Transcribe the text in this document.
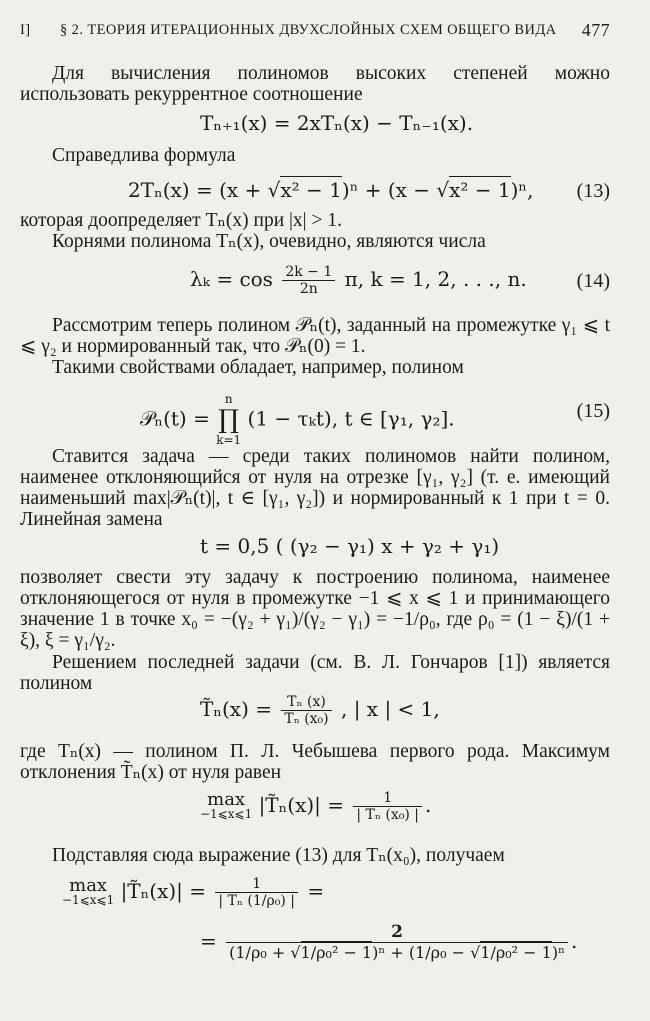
I] § 2. ТЕОРИЯ ИТЕРАЦИОННЫХ ДВУХСЛОЙНЫХ СХЕМ ОБЩЕГО ВИДА 477
Для вычисления полиномов высоких степеней можно использовать рекуррентное соотношение
Tₙ₊₁(x) = 2xTₙ(x) − Tₙ₋₁(x).
Справедлива формула
2Tₙ(x) = (x + √x² − 1)ⁿ + (x − √x² − 1)ⁿ, (13)
которая доопределяет Tₙ(x) при |x| > 1.
Корнями полинома Tₙ(x), очевидно, являются числа
$\lambda_k = \cos \frac{2k - 1}{2n} \pi$, k = 1, 2, . . ., n. (14)
Рассмотрим теперь полином 𝒫ₙ(t), заданный на промежутке γ₁ ⩽ t ⩽ γ₂ и нормированный так, что 𝒫ₙ(0) = 1.
Такими свойствами обладает, например, полином
𝒫ₙ(t) =
n
∏
k=1
(1 − τₖt), t ∈ [γ₁, γ₂].	(15)
Ставится задача — среди таких полиномов найти полином, наименее отклоняющийся от нуля на отрезке [γ₁, γ₂] (т. е. имеющий наименьший max|𝒫ₙ(t)|, t ∈ [γ₁, γ₂]) и нормированный к 1 при t = 0. Линейная замена
t = 0,5 ( (γ₂ − γ₁) x + γ₂ + γ₁)
позволяет свести эту задачу к построению полинома, наименее отклоняющегося от нуля в промежутке −1 ⩽ x ⩽ 1 и принимающего значение 1 в точке x₀ = −(γ₂ + γ₁)/(γ₂ − γ₁) = −1/ρ₀, где ρ₀ = (1 − ξ)/(1 + ξ), ξ = γ₁/γ₂.
Решением последней задачи (см. В. Л. Гончаров [1]) является полином
T̃ₙ(x) = $\frac{\text{Tₙ (x)}}{\text{Tₙ (x₀)}}$ , | x | < 1,
где Tₙ(x) — полином П. Л. Чебышева первого рода. Максимум отклонения T̃ₙ(x) от нуля равен
max
−1⩽x⩽1 |T̃ₙ(x)| = $\frac{1}{\text{| Tₙ (x₀) |}}$ .
Подставляя сюда выражение (13) для Tₙ(x₀), получаем
max
−1⩽x⩽1 |T̃ₙ(x)| = $\frac{1}{\text{| Tₙ (1/ρ₀) |}}$ =
= $\frac{2}{\text{(1/ρ₀ + √1/ρ₀² − 1)ⁿ + (1/ρ₀ − √1/ρ₀² − 1)ⁿ}}$ .
